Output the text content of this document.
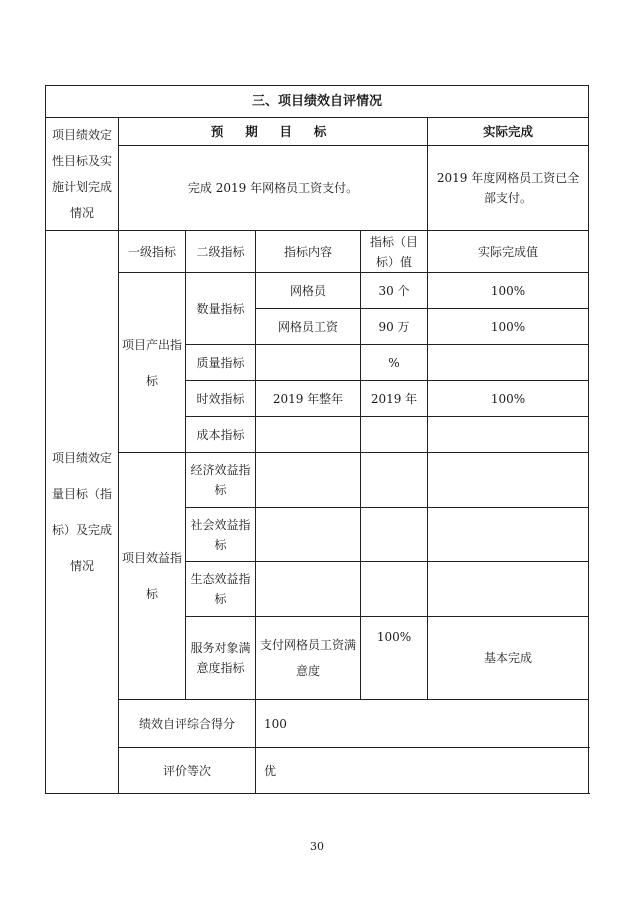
三、项目绩效自评情况					
项目绩效定性目标及实施计划完成情况	预 期 目 标				实际完成
	完成 2019 年网格员工资支付。				2019 年度网格员工资已全部支付。
项目绩效定量目标（指标）及完成情况	一级指标	二级指标	指标内容	指标（目标）值	实际完成值
	项目产出指标	数量指标	网格员	30 个	100%
			网格员工资	90 万	100%
		质量指标		%	
		时效指标	2019 年整年	2019 年	100%
		成本指标			
	项目效益指标	经济效益指标			
		社会效益指标			
		生态效益指标			
		服务对象满意度指标	支付网格员工资满意度	100%	基本完成
	绩效自评综合得分		100		
	评价等次		优		
30
